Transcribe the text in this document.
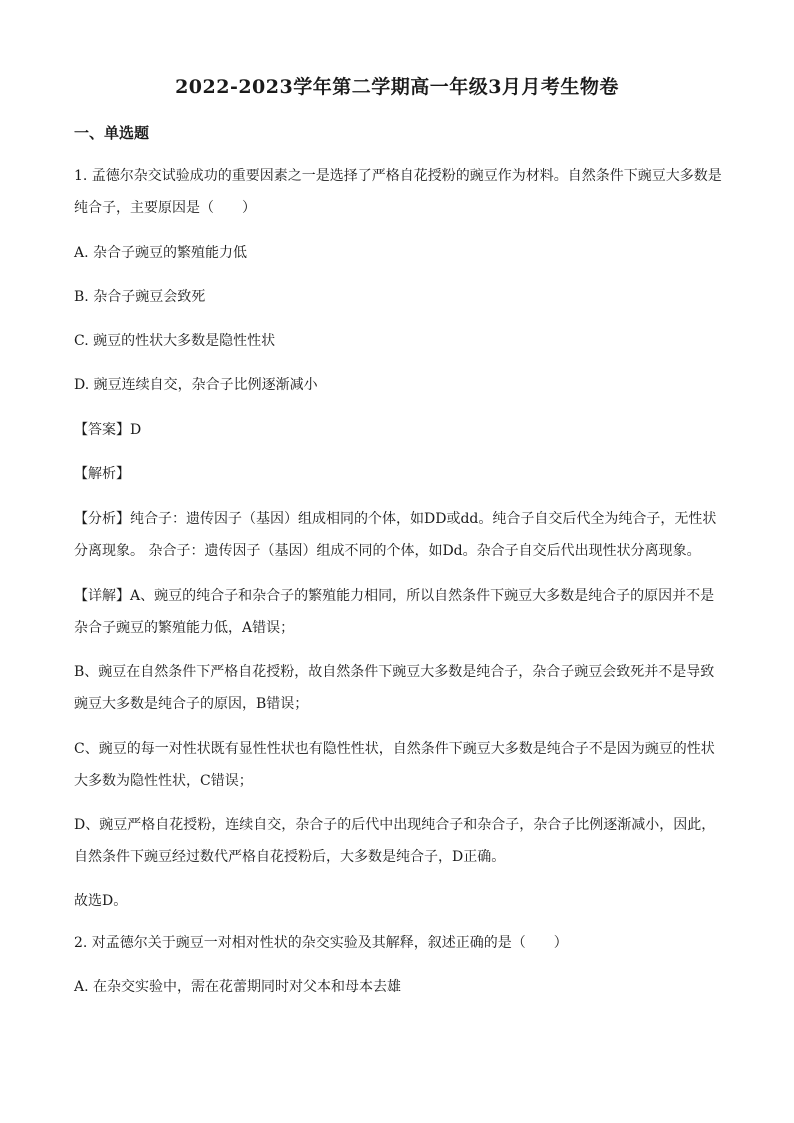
2022-2023学年第二学期高一年级3月月考生物卷
一、单选题
1. 孟德尔杂交试验成功的重要因素之一是选择了严格自花授粉的豌豆作为材料。自然条件下豌豆大多数是
纯合子，主要原因是（　　）
A. 杂合子豌豆的繁殖能力低
B. 杂合子豌豆会致死
C. 豌豆的性状大多数是隐性性状
D. 豌豆连续自交，杂合子比例逐渐减小
【答案】D
【解析】
【分析】纯合子：遗传因子（基因）组成相同的个体，如DD或dd。纯合子自交后代全为纯合子，无性状
分离现象。 杂合子：遗传因子（基因）组成不同的个体，如Dd。杂合子自交后代出现性状分离现象。
【详解】A、豌豆的纯合子和杂合子的繁殖能力相同，所以自然条件下豌豆大多数是纯合子的原因并不是
杂合子豌豆的繁殖能力低，A错误；
B、豌豆在自然条件下严格自花授粉，故自然条件下豌豆大多数是纯合子，杂合子豌豆会致死并不是导致
豌豆大多数是纯合子的原因，B错误；
C、豌豆的每一对性状既有显性性状也有隐性性状，自然条件下豌豆大多数是纯合子不是因为豌豆的性状
大多数为隐性性状，C错误；
D、豌豆严格自花授粉，连续自交，杂合子的后代中出现纯合子和杂合子，杂合子比例逐渐减小，因此，
自然条件下豌豆经过数代严格自花授粉后，大多数是纯合子，D正确。
故选D。
2. 对孟德尔关于豌豆一对相对性状的杂交实验及其解释，叙述正确的是（　　）
A. 在杂交实验中，需在花蕾期同时对父本和母本去雄
